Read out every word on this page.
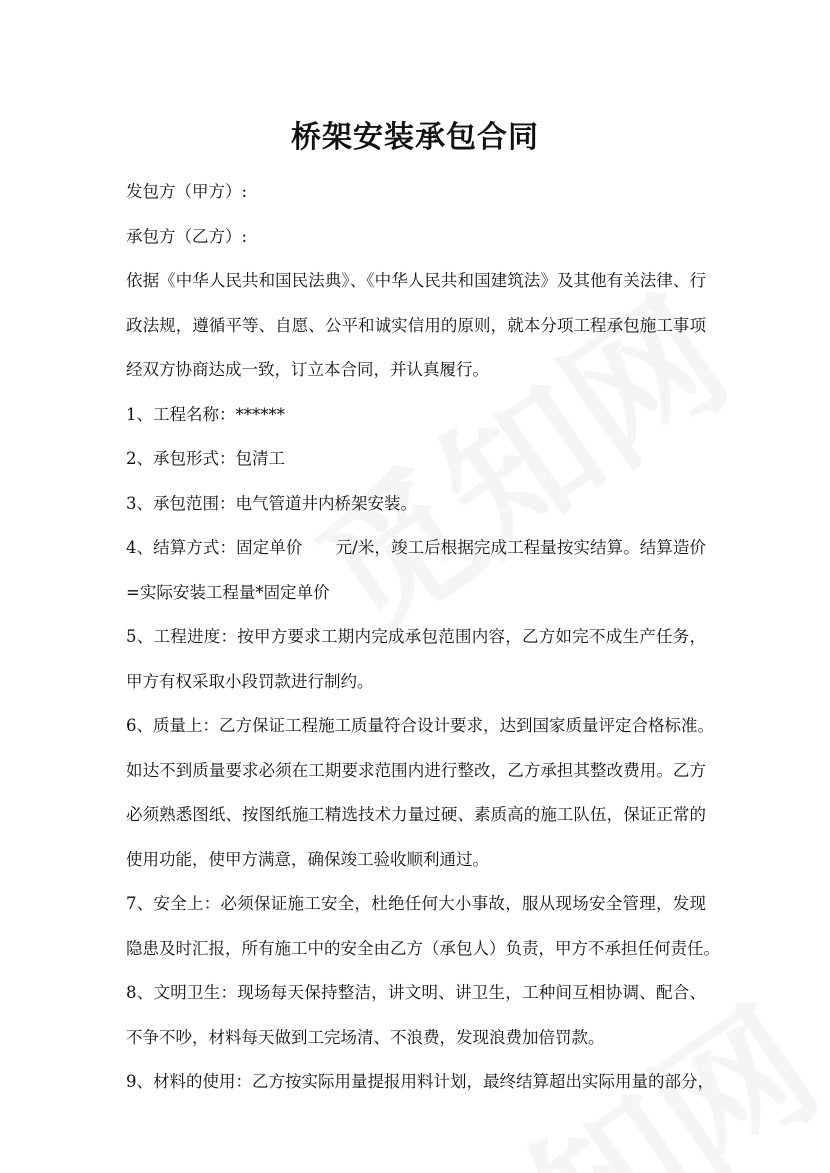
桥架安装承包合同
发包方（甲方）:
承包方（乙方）:
依据《中华人民共和国民法典》、《中华人民共和国建筑法》及其他有关法律、行
政法规，遵循平等、自愿、公平和诚实信用的原则，就本分项工程承包施工事项
经双方协商达成一致，订立本合同，并认真履行。
1、工程名称：******
2、承包形式：包清工
3、承包范围：电气管道井内桥架安装。
4、结算方式：固定单价　　元/米，竣工后根据完成工程量按实结算。结算造价
=实际安装工程量*固定单价
5、工程进度：按甲方要求工期内完成承包范围内容，乙方如完不成生产任务，
甲方有权采取小段罚款进行制约。
6、质量上：乙方保证工程施工质量符合设计要求，达到国家质量评定合格标准。
如达不到质量要求必须在工期要求范围内进行整改，乙方承担其整改费用。乙方
必须熟悉图纸、按图纸施工精选技术力量过硬、素质高的施工队伍，保证正常的
使用功能，使甲方满意，确保竣工验收顺利通过。
7、安全上：必须保证施工安全，杜绝任何大小事故，服从现场安全管理，发现
隐患及时汇报，所有施工中的安全由乙方（承包人）负责，甲方不承担任何责任。
8、文明卫生：现场每天保持整洁，讲文明、讲卫生，工种间互相协调、配合、
不争不吵，材料每天做到工完场清、不浪费，发现浪费加倍罚款。
9、材料的使用：乙方按实际用量提报用料计划，最终结算超出实际用量的部分，
